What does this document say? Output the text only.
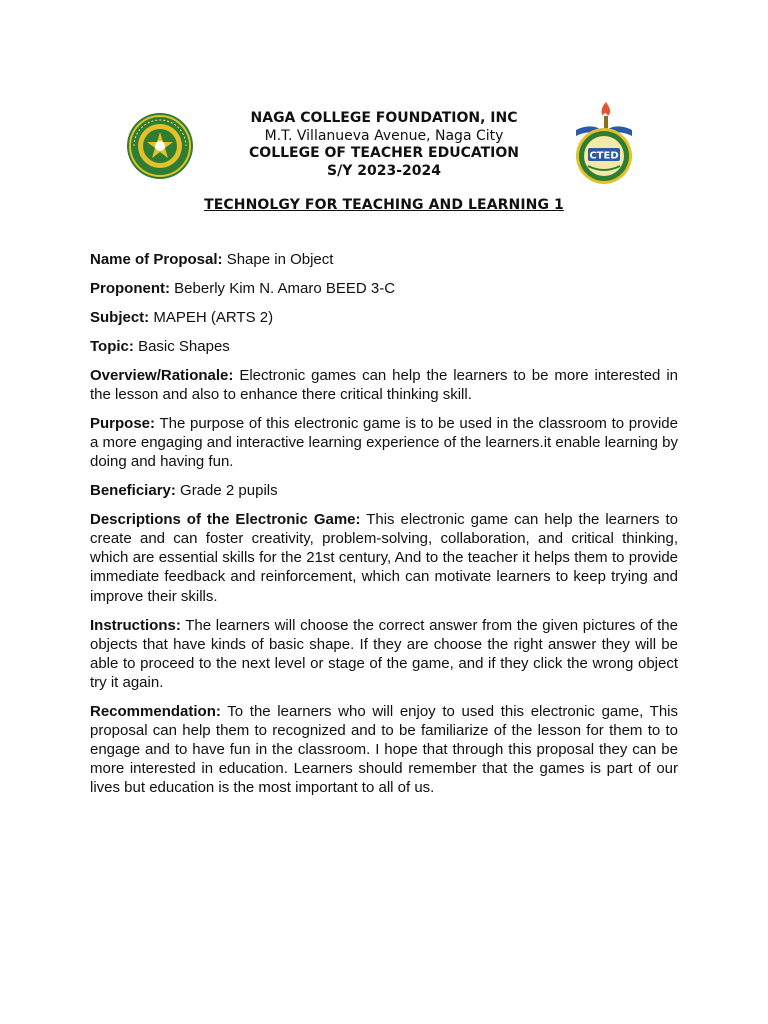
NAGA COLLEGE FOUNDATION, INC
M.T. Villanueva Avenue, Naga City
COLLEGE OF TEACHER EDUCATION
S/Y 2023-2024
CTED
TECHNOLGY FOR TEACHING AND LEARNING 1

Name of Proposal: Shape in Object

Proponent: Beberly Kim N. Amaro BEED 3-C

Subject: MAPEH (ARTS 2)

Topic: Basic Shapes

Overview/Rationale: Electronic games can help the learners to be more interested in the lesson and also to enhance there critical thinking skill.

Purpose: The purpose of this electronic game is to be used in the classroom to provide a more engaging and interactive learning experience of the learners.it enable learning by doing and having fun.

Beneficiary: Grade 2 pupils

Descriptions of the Electronic Game: This electronic game can help the learners to create and can foster creativity, problem-solving, collaboration, and critical thinking, which are essential skills for the 21st century, And to the teacher it helps them to provide immediate feedback and reinforcement, which can motivate learners to keep trying and improve their skills.

Instructions: The learners will choose the correct answer from the given pictures of the objects that have kinds of basic shape. If they are choose the right answer they will be able to proceed to the next level or stage of the game, and if they click the wrong object try it again.

Recommendation: To the learners who will enjoy to used this electronic game, This proposal can help them to recognized and to be familiarize of the lesson for them to to engage and to have fun in the classroom. I hope that through this proposal they can be more interested in education. Learners should remember that the games is part of our lives but education is the most important to all of us.
